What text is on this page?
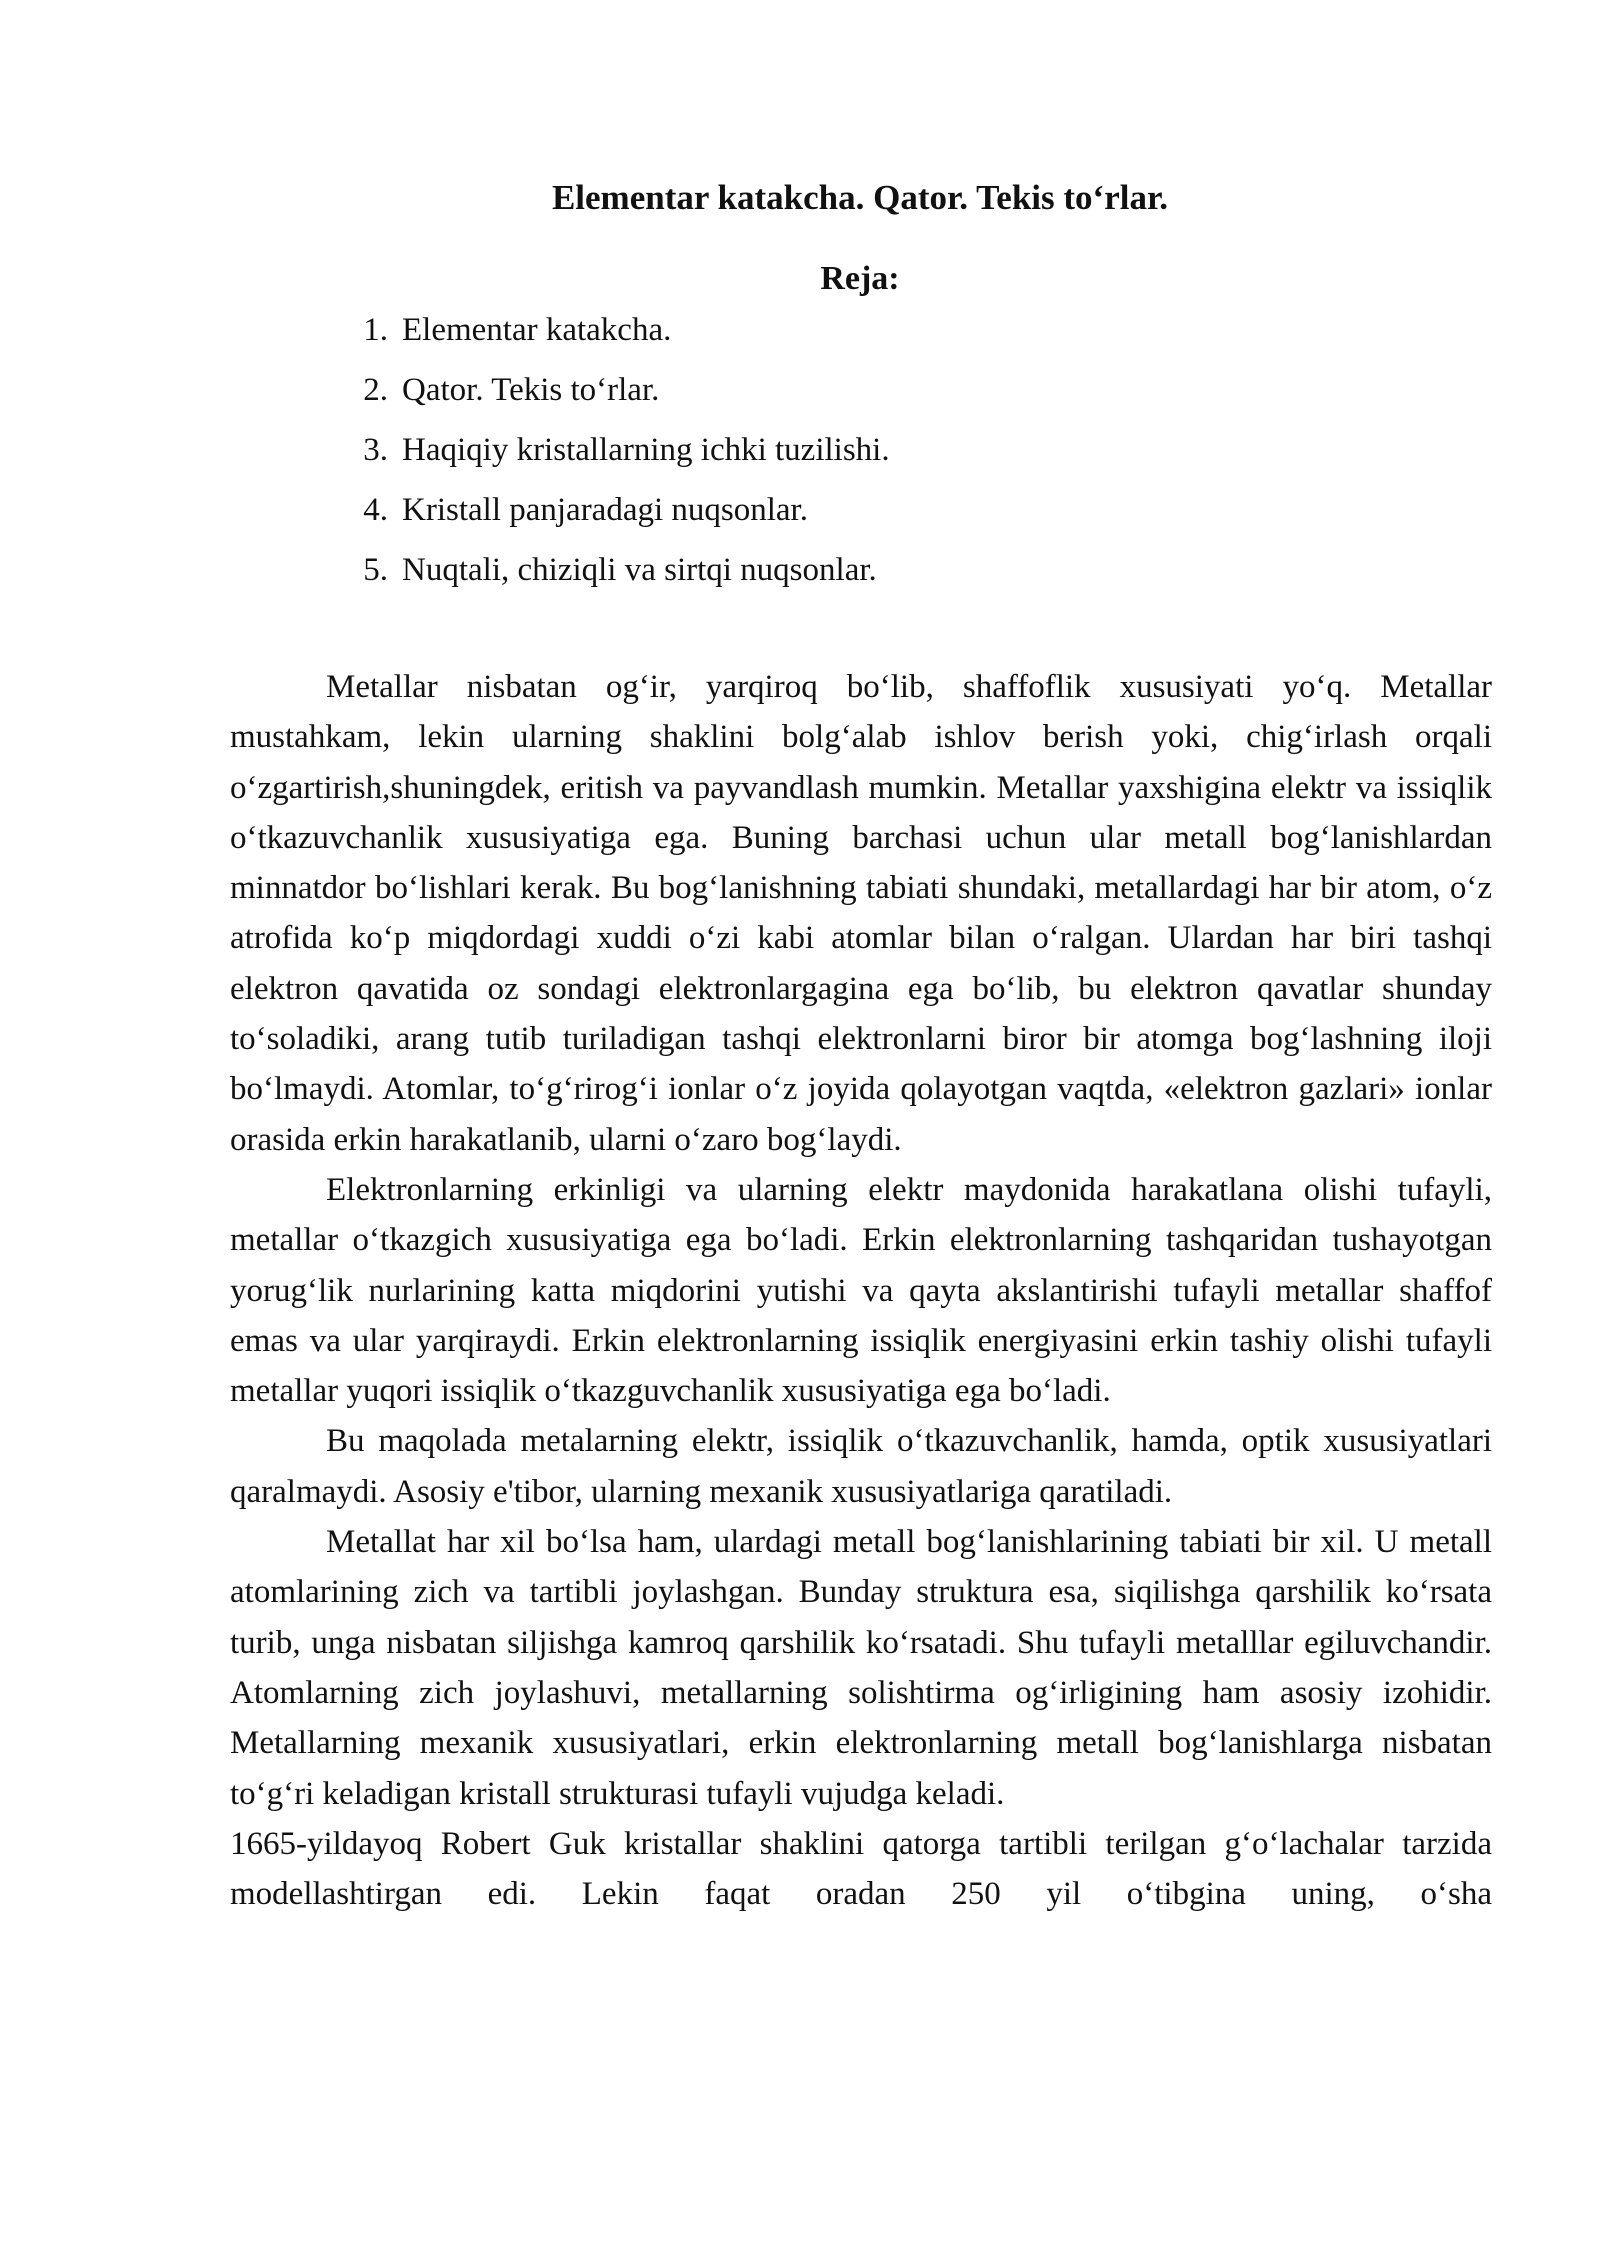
Elementar katakcha. Qator. Tekis to‘rlar.
Reja:
1. Elementar katakcha.
2. Qator. Tekis to‘rlar.
3. Haqiqiy kristallarning ichki tuzilishi.
4. Kristall panjaradagi nuqsonlar.
5. Nuqtali, chiziqli va sirtqi nuqsonlar.

Metallar nisbatan og‘ir, yarqiroq bo‘lib, shaffoflik xususiyati yo‘q. Metallar mustahkam, lekin ularning shaklini bolg‘alab ishlov berish yoki, chig‘irlash orqali o‘zgartirish,shuningdek, eritish va payvandlash mumkin. Metallar yaxshigina elektr va issiqlik o‘tkazuvchanlik xususiyatiga ega. Buning barchasi uchun ular metall bog‘lanishlardan minnatdor bo‘lishlari kerak. Bu bog‘lanishning tabiati shundaki, metallardagi har bir atom, o‘z atrofida ko‘p miqdordagi xuddi o‘zi kabi atomlar bilan o‘ralgan. Ulardan har biri tashqi elektron qavatida oz sondagi elektronlargagina ega bo‘lib, bu elektron qavatlar shunday to‘soladiki, arang tutib turiladigan tashqi elektronlarni biror bir atomga bog‘lashning iloji bo‘lmaydi. Atomlar, to‘g‘rirog‘i ionlar o‘z joyida qolayotgan vaqtda, «elektron gazlari» ionlar orasida erkin harakatlanib, ularni o‘zaro bog‘laydi.

Elektronlarning erkinligi va ularning elektr maydonida harakatlana olishi tufayli, metallar o‘tkazgich xususiyatiga ega bo‘ladi. Erkin elektronlarning tashqaridan tushayotgan yorug‘lik nurlarining katta miqdorini yutishi va qayta akslantirishi tufayli metallar shaffof emas va ular yarqiraydi. Erkin elektronlarning issiqlik energiyasini erkin tashiy olishi tufayli metallar yuqori issiqlik o‘tkazguvchanlik xususiyatiga ega bo‘ladi.

Bu maqolada metalarning elektr, issiqlik o‘tkazuvchanlik, hamda, optik xususiyatlari qaralmaydi. Asosiy e'tibor, ularning mexanik xususiyatlariga qaratiladi.

Metallat har xil bo‘lsa ham, ulardagi metall bog‘lanishlarining tabiati bir xil. U metall atomlarining zich va tartibli joylashgan. Bunday struktura esa, siqilishga qarshilik ko‘rsata turib, unga nisbatan siljishga kamroq qarshilik ko‘rsatadi. Shu tufayli metalllar egiluvchandir. Atomlarning zich joylashuvi, metallarning solishtirma og‘irligining ham asosiy izohidir. Metallarning mexanik xususiyatlari, erkin elektronlarning metall bog‘lanishlarga nisbatan to‘g‘ri keladigan kristall strukturasi tufayli vujudga keladi.

1665-yildayoq Robert Guk kristallar shaklini qatorga tartibli terilgan g‘o‘lachalar tarzida modellashtirgan edi. Lekin faqat oradan 250 yil o‘tibgina uning, o‘sha
